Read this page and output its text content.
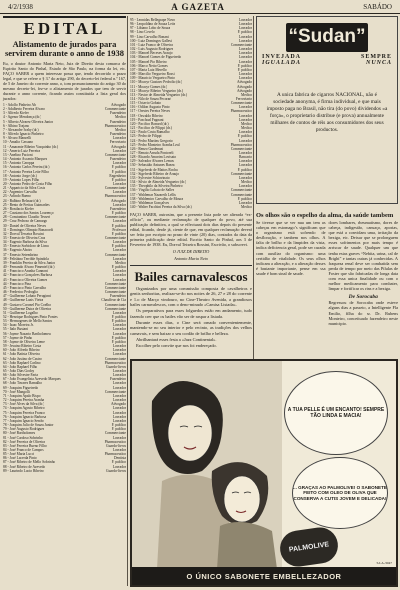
4/2/1938	A GAZETA	SABÁDO
EDITAL
Alistamento de jurados para servirem durante o anno de 1938

Eu, o doutor Antonio Maria Neto, Juiz de Direito desta comarca de Espirito Santo do Pinhal, Estado de São Paulo, na forma da lei, etc. FAÇO SABER a quem interessar possa que, tendo decorrido o prazo legal, e que se refere o § 3.º do artigo 290, do decreto-lei federal n.º 167, de 5 de Janeiro do corrente anno, o, tom pronunciamento do artigo 30 do mesmo decreto-lei, fez-se o alistamento de jurados que tem de servir durante o anno corrente, ficando assim constituida a lista geral dos jurados:

1 - Adolfo Pinheiro Ab	Advogado
2 - Adalberto Ferreira Alvaro	Commerciante
3 - Alfredo Kiefer	Fazendeiro
4 - Agenor Mendonça (dr.)	Medico
5 - Alberto Alvarez Oliveira Junior	Fazendeiro
6 - Albino Trajano	Pharmaceutico
7 - Alexandre Ivahy (dr.)	Medico
8 - Alfredo Ignacio Pinheiro	Fazendeiro
9 - Alvaro Manzelli	Lavrador
10 - Amalio Cassano	Ferroviario
11 - Amarante Ribeiro Vasquinho (dr.)	Advogado
12 - Amerio Luiz Ferreira	Lavrador
13 - Anelino Pacioni	Commerciante
14 - Antonio Ascanio Marques	Fazendeiro
15 - Antonio Caroppa	Lavrador
16 - Antonio Carlos Pereira (dr.)	F. publico
17 - Antonio Pereira Leite Filho	F. publico
18 - Antonio Jorge (dr.)	Engenheiro
19 - Antonio Lopes Filho	F. publico
20 - Antonio Pedro de Costa Filho	Lavrador
21 - Apparicio da Silva Costa	Commerciante
22 - Argemiro Carvalho	Lavrador
23 - Arlindo Bueno	Pharmaceutico
24 - Balbino Belasari (dr.)	Advogado
25 - Bento de Freitas Guimarães	Lavrador
26 - Bonifacio Kiefer	Fazendeiro
27 - Cassiano dos Santos Lourenço	F. publico
28 - Constantino Claudio Tesseri	Commerciante
29 - Cruz Pedroso de Camargo	Lavrador
30 - Daniel de Oliveira Neves	F. publico
31 - Domingos Olimpio Bonacordi	Professor
32 - Dorval Tesseira Rossini	F. publico
33 - Ernesto de Oliveira Cruz	Commerciante
34 - Eugenio Barbosa da Silva	Lavrador
35 - Ernesto Sorbidoro de Lima	F. publico
36 - Eugenio Aboiro	Lavrador
37 - Ernesto Setembrino	Commerciante
38 - Felisbino Terrible Spindola	Lavrador
39 - Franklin Pereira da Silva Junior	Medico
40 - Fernando Alvaro Pimentel (dr.)	F. publico
41 - Francisco Aranha Cannoni	Lavrador
42 - Francisco Gonçalves Barbosa	Lavrador
43 - Francisco Oliveira Gomes	Lavrador
44 - Francisco Pina	Commerciante
45 - Francisco Pinto Carvalho	Commerciante
46 - Frederico Pedroglio	Commerciante
47 - Guilherme Lobato Peruginni	Fazendeiro
48 - Guilherme Lazis Vieira	Chauffeur de Cia
49 - Gustavo Coronel Pio Coelho	Commerciante
50 - Guilherme Dutra de Oliveira	Commerciante
51 - Guilherme Logalbo	Lavrador
52 - Henrique Rodrigues Pinto Pontes	F. publico
53 - Hermogenes de Mello Santos	F. publico
54 - Isaac Moreira Jr.	Lavrador
55 - Italo Bustani	Lavrador
56 - Jayme Nazario Bartholomeu	Lavrador
57 - Jayme de Pinho	F. publico
58 - Jayme de Oliveira Leme	F. publico
59 - Jesuino Ribeiro Costa	Lavrador
60 - João Alfredo Ribeiro	Lavrador
61 - João Batista Oliveira	Lavrador
62 - João Justino de Castro	Commerciante
63 - João Raphael Carlino	Pharmaceutico
64 - João Raphael Filho	Guarda-livros
65 - João Dias Godoy	Lavrador
66 - João Silvestre Faria	Lavrador
67 - João Evangelista Azevedo Marques	Fazendeiro
68 - João Tavares Ramalho	Lavrador
69 - Joaquim Figueiredo	Lavrador
70 - José Mangolli	Commerciante
71 - Joaquim Apalo Bispo	Lavrador
72 - Joaquim Pereira Aranha	Lavrador
73 - José Alves da Silva (dr.)	Advogado
74 - Joaquim Agosto Ribeiro	Lavrador
75 - Joaquim Ferreira Franco	Lavrador
76 - Joaquim Ignacio Barbosa	Lavrador
77 - Joaquim Ignacio Serrão	Lavrador
78 - Joaquim Julio de Souza Junior	F. publico
79 - José Augusto Rodrigues	F. publico
80 - José Bartholomeu	Commerciante
81 - José Cardoso Sobrinho	Lavrador
82 - José Ferreira de Oliveira	Pharmaceutico
83 - José Ferreira Bueno Filho	Guarda-livros
84 - José Franco de Campos	Lavrador
85 - José Maria Lucci	Pharmaceutico
86 - José Lacerda Pinto	Dentista
87 - José Ribeiro de Mello Sobrinho	F. publico
88 - José Ribeiro de Azevedo	Lavrador
89 - Laurindo Lucio Ribeiro	Guarda-livros
95 - Leonidas Bellegrape Novo	Lavrador
96 - Leopoldino de Souza Leite	Lavrador
97 - Libiano Lobo de Souza	Lavrador
98 - Lino Covelo	F. publico
99 - Lino Carvalho Bonani	Lavrador
100 - Luiz Domingos Gallesi	Lavrador
101 - Luiz Franco de Oliveira	Commerciante
102 - Luis Augusto Rodrigues	Lavrador
103 - Manoel Beceses Araujo	Lavrador
104 - Manoel Gomes de Figueiredo	Lavrador
105 - Manoel Pio Ribeiro	Lavrador
106 - Marco Netto Gomes	F. publico
107 - Maria Luiz Merello	F. publico
108 - Marcilio Vergueiro Rossi	Lavrador
109 - Mauricio Vergueiro Pinto	Lavrador
110 - Moacyr Gustavo Pedrolio (dr.)	Advogado
111 - Moacyr Gomes (dr.)	Advogado
112 - Moacyr Ribeiro Vergueiro (dr.)	Advogado
113 - Nestor de Almeida Vergueiro (dr.)	Medico
114 - Nilo de Souza Pecorari	Ferroviario
115 - Octavio Gobato	Commerciante
116 - Odilon Augusto Pinto	Lavrador
117 - Orestes Pereira Neves	Pharmaceutico
118 - Oswaldo Ribeiro	Lavrador
119 - Paschoal Fagnani	Lavrador
120 - Pacifico Bonard (dr.)	Medico
121 - Pacifico de Filippi (dr.)	Medico
122 - Paulo Costa Ramalho	Lavrador
123 - Pedro de Filippi	F. publico
124 - Pedro Martins Gregorio	Lavrador
125 - Pedro Monteiro Aranha Leal	Pharmaceutico
126 - Renzo Gardenazi	Commerciante
127 - Renato Arruda Pontoreli	Lavrador
128 - Ricardo Amorim Lovisato	Bancario
129 - Salvador Alvarez Lemos	Lavrador
130 - Sebastião Antunes Baeza	Lavrador
131 - Sigefredo de Mattos Rocha	F. publico
132 - Sigefredo Ribeiro de Araujo	Commerciante
133 - Sylvestre Schiavinato	Lavrador
134 - Silvio de Almeida Vergueiro (dr.)	Medico
135 - Theophilo da Silveira Pinheiro	Lavrador
136 - Virgilio Lobato de Salles	Commerciante
137 - Waldemar Nazareth Lellis	Commerciante
138 - Waldemiro Carvalho de Moura	F. publico
139 - Waldemar Gonçalves	Lavrador
140 - Walter Facchini Pereira da Silva (dr.)	Medico

FAÇO SABER, outrosim, que a presente lista pode ser alterada “ex-officio”, ou mediante reclamação de qualquer do povo, até sua publicação definitiva, a qual se effectuará dois dias depois do presente edital, ficando, desde já, ciente de que, em qualquer reclamação deverá ser feita por escripto no prazo de vinte (20) dias, contados da data da primeira publicação deste edital. Escrito Santo do Pinhal, aos 3 de Fevereiro de 1938. Eu, Dorval Teixeira Rossini, Escrivão, o subscrevi.

O JUIZ DE DIREITO
Antonio Maria Neto
Bailes carnavalescos

Organizados por uma commissão composta de cavalheiros e gentis senhoritas, realizar-se-ão nos noites de 26, 27 e 28 do corrente e 1.o de Março vindouro, no Cine-Theatro Avenida, a grandiosos bailes carnavalescos, com o deno-minado «Camisa Listada».

Os preparativos para esses folguedos estão em andamento, tudo fazendo crer que os bailes vão ser de raspar a listada.

Durante esses dias, o Cine será ornado convenientemente, mantendo-se no seu interior e pelo recinto, as tradições dos velhos carnavais, e sem baixar o seu cordão de brilho e belleza.

Abrilhantará esses festa a «Jazz Continental».

Escolher pelo convite que nos foi endereçado.

“Sudan”
INVEJADA	SEMPRE
IGUALADA	NUNCA
A unica fabrica de cigarros NACIONAL, não é sociedade anonyma, é firma individual, e que mais imposto paga no Brasil, não tira (do povo) dividendos «a força», o proprietario distribue (e prova) annualmente milhares de contos de réis aos consumidores dos seus productos.
Os olhos são o espelho da alma, da saúde tambem

Se tivesse que se ver nua um tem as cabeças em estomago’s significam que o organismo está sofrendo de desfloração, e tambem nos olhos. A falta de brilho e da limpidez da vista, indica deficiencia geral, pode ser curada com auxiliar do organismo: uma certidão de vitalidade. Os seus olhos indicam a alteração, e a alteração desses é bastante importante, pense em ssa saude é bom sinal de saude.

dores lombares, rheumatismo, dores de cabeça, indigestão, cansaço, aporias, que está a convidam uma, irritação da bexiga, etc. Deixar que se prolonguem esses sofrimentos por mais tempo é arriscar de saude. Qualquer um que tenha estas graves “Nebita, urina, cal de Bright” e tantas outras já conhecidas. A fraqueza renal deve ser combatida sem perda de tempo por meio das Pilulas de Foster que são fabricadas de longa data com essa unica finalidade ou com o melhor medicamento para combater, limpar e fortificar os rins e a bexiga.

De Sorocaba

Regressou de Sorocaba onde esteve alguns dias a passeio, a Intelligente Fla Emilio, filha do sr. Dr. Rubens Monteiro, conceituado fazendeiro neste municipio.

A TUA PELLE É UM ENCANTO! SEMPRE TÃO LINDA E MACIA!
... GRAÇAS AO PALMOLIVE! O SABONETE FEITO COM OLEO DE OLIVA QUE CONSERVA A CUTIS JOVEM E DELICADA!
PALMOLIVE
S.I.A-3047
O ÚNICO SABONETE EMBELLEZADOR
